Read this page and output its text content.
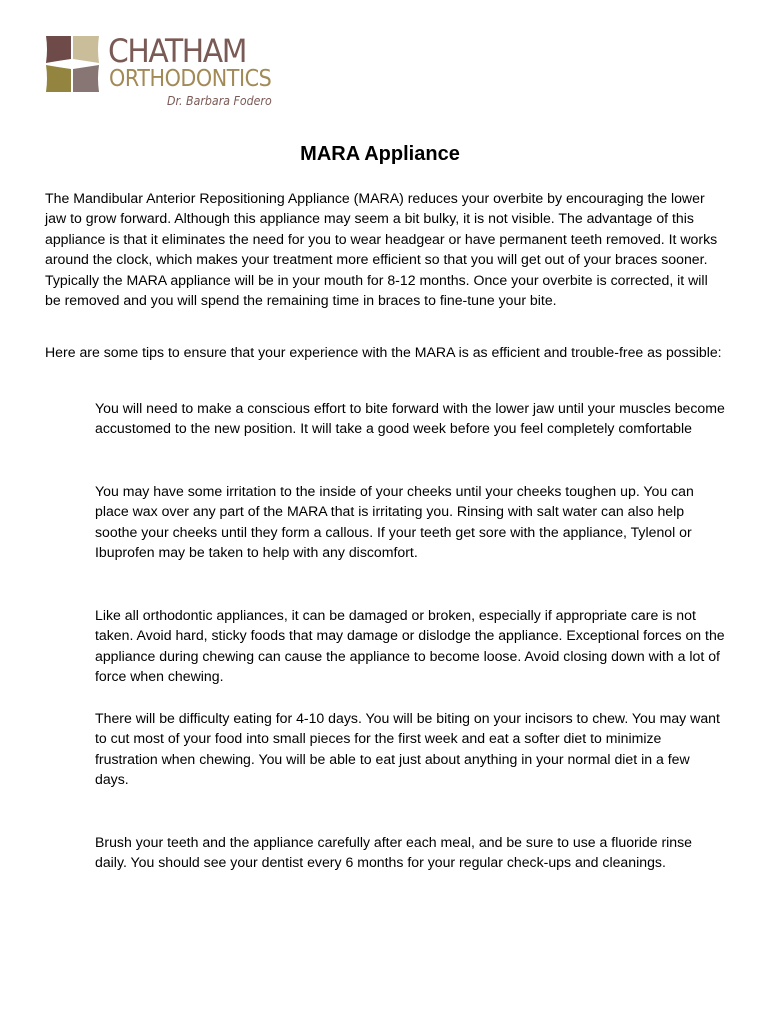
CHATHAM
ORTHODONTICS
Dr. Barbara Fodero
MARA Appliance

The Mandibular Anterior Repositioning Appliance (MARA) reduces your overbite by encouraging the lower jaw to grow forward. Although this appliance may seem a bit bulky, it is not visible. The advantage of this appliance is that it eliminates the need for you to wear headgear or have permanent teeth removed. It works around the clock, which makes your treatment more efficient so that you will get out of your braces sooner. Typically the MARA appliance will be in your mouth for 8-12 months. Once your overbite is corrected, it will be removed and you will spend the remaining time in braces to fine-tune your bite.

Here are some tips to ensure that your experience with the MARA is as efficient and trouble-free as possible:

You will need to make a conscious effort to bite forward with the lower jaw until your muscles become accustomed to the new position. It will take a good week before you feel completely comfortable

You may have some irritation to the inside of your cheeks until your cheeks toughen up. You can place wax over any part of the MARA that is irritating you. Rinsing with salt water can also help soothe your cheeks until they form a callous. If your teeth get sore with the appliance, Tylenol or Ibuprofen may be taken to help with any discomfort.

Like all orthodontic appliances, it can be damaged or broken, especially if appropriate care is not taken. Avoid hard, sticky foods that may damage or dislodge the appliance. Exceptional forces on the appliance during chewing can cause the appliance to become loose. Avoid closing down with a lot of force when chewing.

There will be difficulty eating for 4-10 days. You will be biting on your incisors to chew. You may want to cut most of your food into small pieces for the first week and eat a softer diet to minimize frustration when chewing. You will be able to eat just about anything in your normal diet in a few days.

Brush your teeth and the appliance carefully after each meal, and be sure to use a fluoride rinse daily. You should see your dentist every 6 months for your regular check-ups and cleanings.
